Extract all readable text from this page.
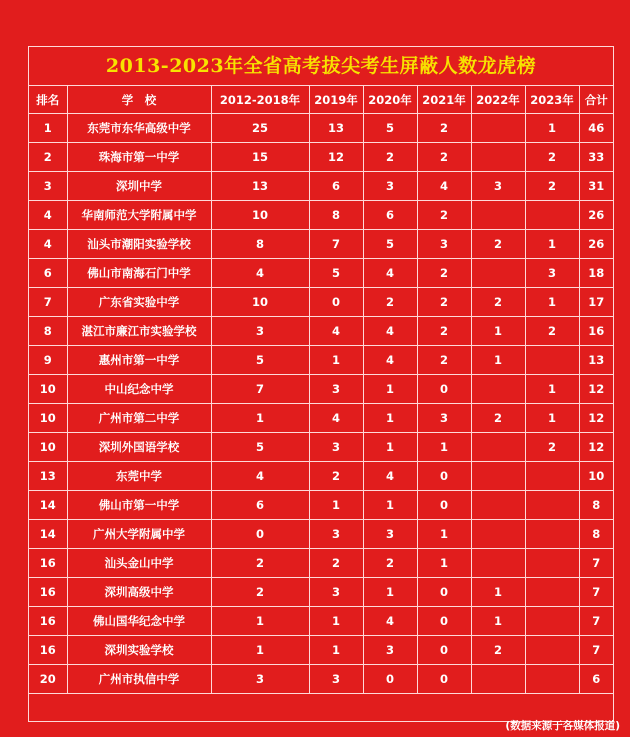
2013-2023年全省高考拔尖考生屏蔽人数龙虎榜
排名	学　校	2012-2018年	2019年	2020年	2021年	2022年	2023年	合计
1	东莞市东华高级中学	25	13	5	2		1	46
2	珠海市第一中学	15	12	2	2		2	33
3	深圳中学	13	6	3	4	3	2	31
4	华南师范大学附属中学	10	8	6	2			26
4	汕头市潮阳实验学校	8	7	5	3	2	1	26
6	佛山市南海石门中学	4	5	4	2		3	18
7	广东省实验中学	10	0	2	2	2	1	17
8	湛江市廉江市实验学校	3	4	4	2	1	2	16
9	惠州市第一中学	5	1	4	2	1		13
10	中山纪念中学	7	3	1	0		1	12
10	广州市第二中学	1	4	1	3	2	1	12
10	深圳外国语学校	5	3	1	1		2	12
13	东莞中学	4	2	4	0			10
14	佛山市第一中学	6	1	1	0			8
14	广州大学附属中学	0	3	3	1			8
16	汕头金山中学	2	2	2	1			7
16	深圳高级中学	2	3	1	0	1		7
16	佛山国华纪念中学	1	1	4	0	1		7
16	深圳实验学校	1	1	3	0	2		7
20	广州市执信中学	3	3	0	0			6
(数据来源于各媒体报道)
